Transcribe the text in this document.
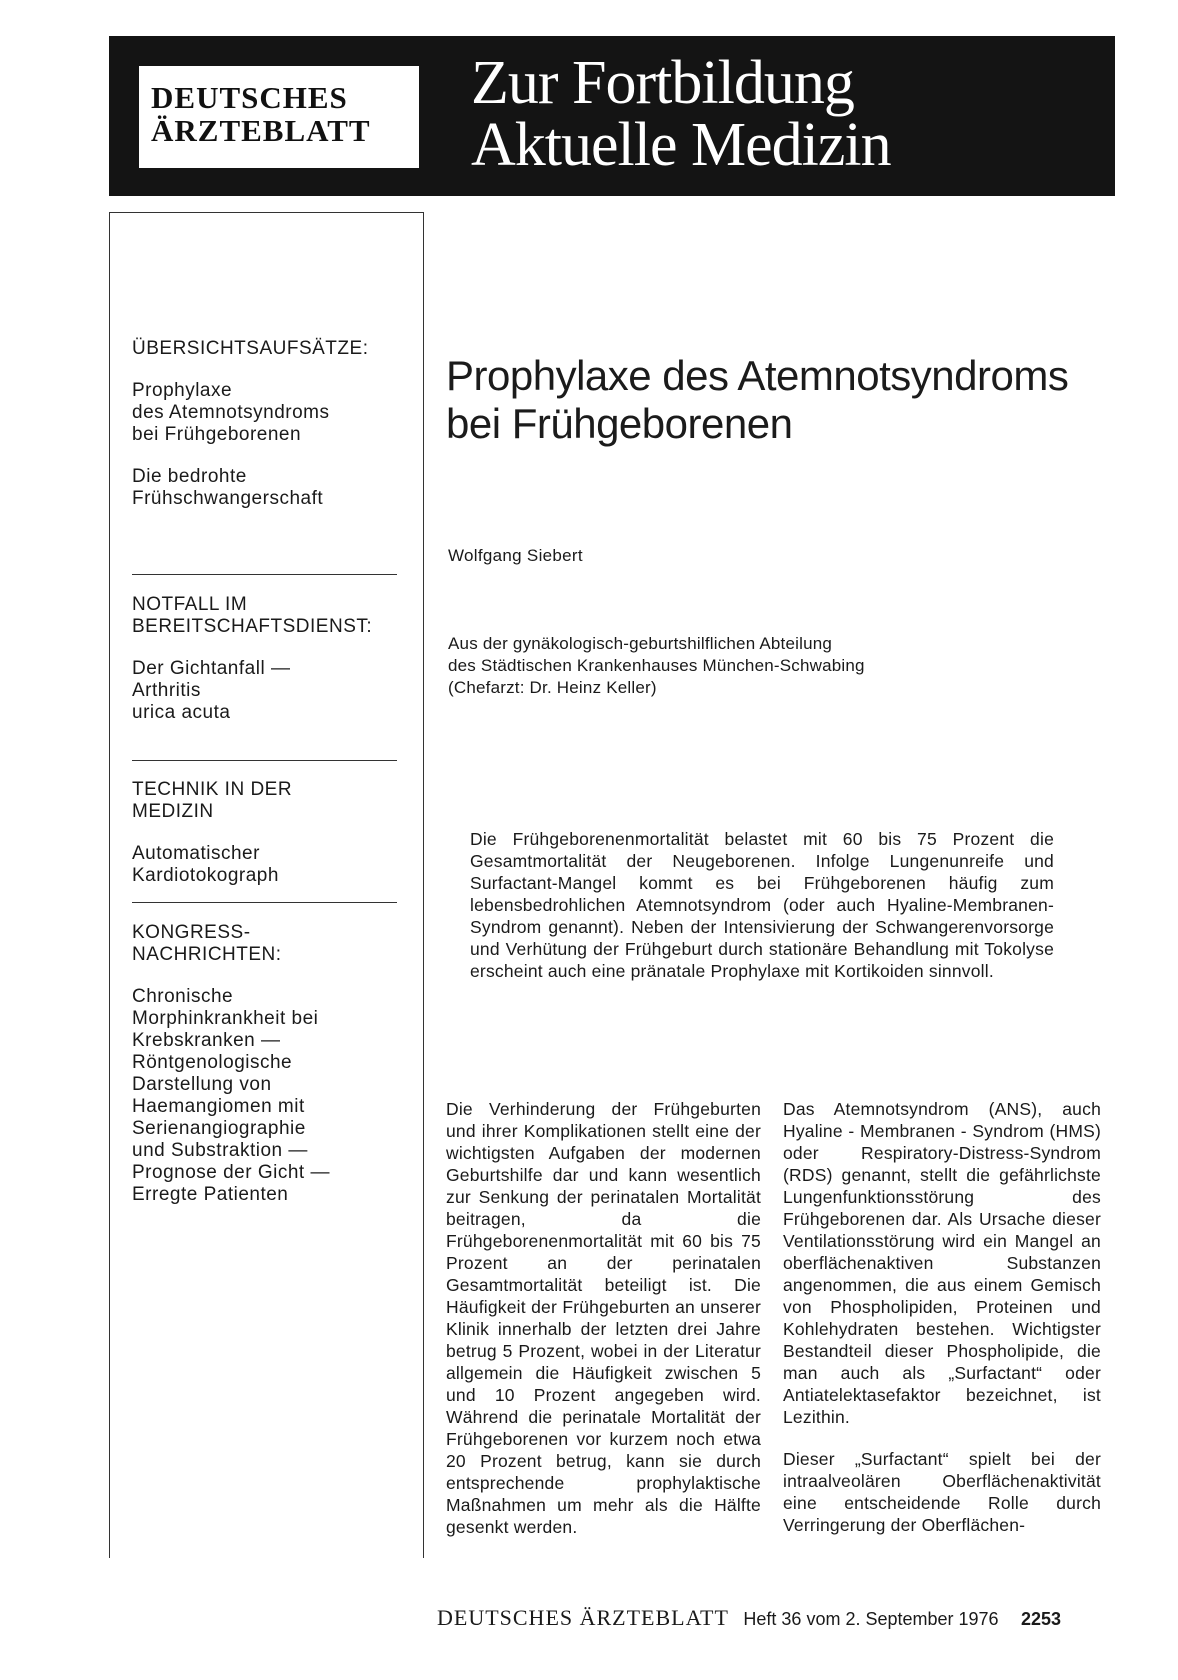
DEUTSCHES
ÄRZTEBLATT
Zur Fortbildung
Aktuelle Medizin
ÜBERSICHTSAUFSÄTZE:
Prophylaxe
des Atemnotsyndroms
bei Frühgeborenen
Die bedrohte
Frühschwangerschaft
NOTFALL IM
BEREITSCHAFTSDIENST:
Der Gichtanfall —
Arthritis
urica acuta
TECHNIK IN DER
MEDIZIN
Automatischer
Kardiotokograph
KONGRESS-
NACHRICHTEN:
Chronische
Morphinkrankheit bei
Krebskranken —
Röntgenologische
Darstellung von
Haemangiomen mit
Serienangiographie
und Substraktion —
Prognose der Gicht —
Erregte Patienten
Prophylaxe des Atemnotsyndroms
bei Frühgeborenen
Wolfgang Siebert
Aus der gynäkologisch-geburtshilflichen Abteilung
des Städtischen Krankenhauses München-Schwabing
(Chefarzt: Dr. Heinz Keller)
Die Frühgeborenenmortalität belastet mit 60 bis 75 Prozent die Gesamtmortalität der Neugeborenen. Infolge Lungenunreife und Surfactant-Mangel kommt es bei Frühgeborenen häufig zum lebensbedrohlichen Atemnotsyndrom (oder auch Hyaline-Membranen-Syndrom genannt). Neben der Intensivierung der Schwangerenvorsorge und Verhütung der Frühgeburt durch stationäre Behandlung mit Tokolyse erscheint auch eine pränatale Prophylaxe mit Kortikoiden sinnvoll.

Die Verhinderung der Frühgeburten und ihrer Komplikationen stellt eine der wichtigsten Aufgaben der modernen Geburtshilfe dar und kann wesentlich zur Senkung der perinatalen Mortalität beitragen, da die Frühgeborenenmortalität mit 60 bis 75 Prozent an der perinatalen Gesamtmortalität beteiligt ist. Die Häufigkeit der Frühgeburten an unserer Klinik innerhalb der letzten drei Jahre betrug 5 Prozent, wobei in der Literatur allgemein die Häufigkeit zwischen 5 und 10 Prozent angegeben wird. Während die perinatale Mortalität der Frühgeborenen vor kurzem noch etwa 20 Prozent betrug, kann sie durch entsprechende prophylaktische Maßnahmen um mehr als die Hälfte gesenkt werden.

Das Atemnotsyndrom (ANS), auch Hyaline - Membranen - Syndrom (HMS) oder Respiratory-Distress-Syndrom (RDS) genannt, stellt die gefährlichste Lungenfunktionsstörung des Frühgeborenen dar. Als Ursache dieser Ventilationsstörung wird ein Mangel an oberflächenaktiven Substanzen angenommen, die aus einem Gemisch von Phospholipiden, Proteinen und Kohlehydraten bestehen. Wichtigster Bestandteil dieser Phospholipide, die man auch als „Surfactant“ oder Antiatelektasefaktor bezeichnet, ist Lezithin.

Dieser „Surfactant“ spielt bei der intraalveolären Oberflächenaktivität eine entscheidende Rolle durch Verringerung der Oberflächen-

DEUTSCHES ÄRZTEBLATT Heft 36 vom 2. September 1976 2253
